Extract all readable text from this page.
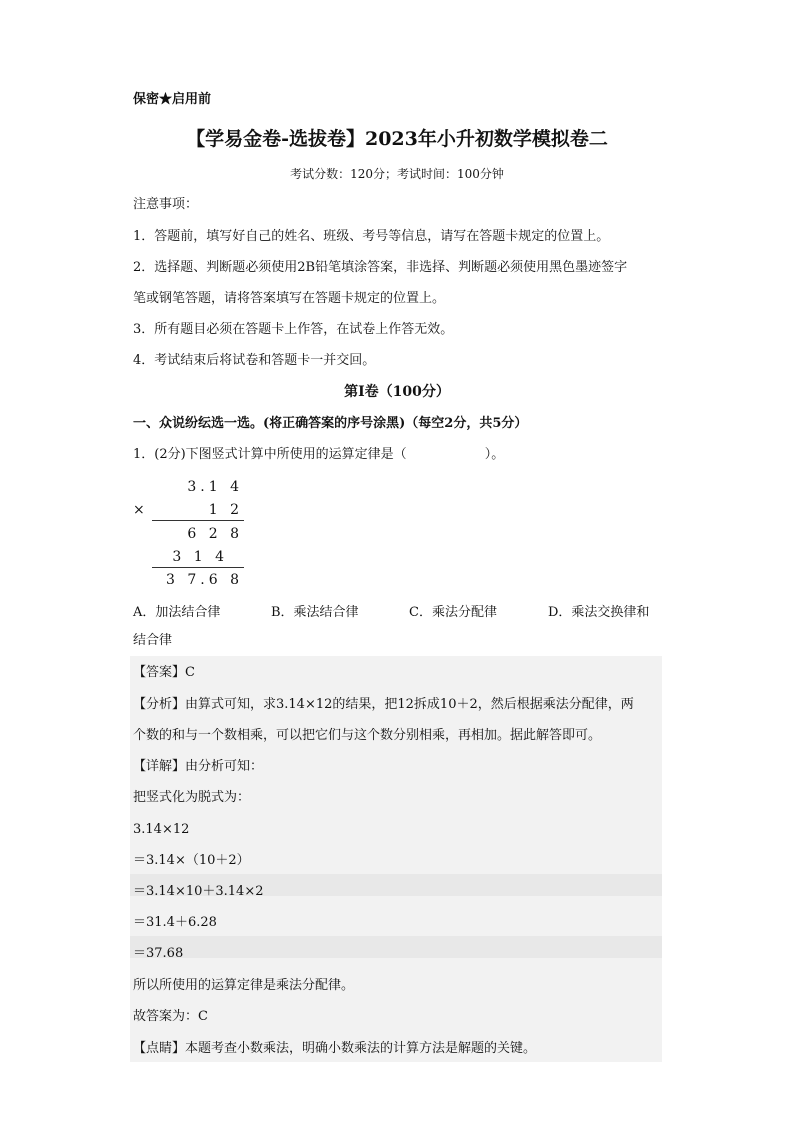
保密★启用前
【学易金卷-选拔卷】2023年小升初数学模拟卷二
考试分数：120分；考试时间：100分钟
注意事项：
1．答题前，填写好自己的姓名、班级、考号等信息，请写在答题卡规定的位置上。
2．选择题、判断题必须使用2B铅笔填涂答案，非选择、判断题必须使用黑色墨迹签字
笔或钢笔答题，请将答案填写在答题卡规定的位置上。
3．所有题目必须在答题卡上作答，在试卷上作答无效。
4．考试结束后将试卷和答题卡一并交回。
第I卷（100分）
一、众说纷纭选一选。(将正确答案的序号涂黑)（每空2分，共5分）
1．(2分)下图竖式计算中所使用的运算定律是（	）。
3.1 4
×	1 2
6 2 8
3 1 4
3 7.6 8
A．加法结合律	B．乘法结合律	C．乘法分配律	D．乘法交换律和
结合律
【答案】C
【分析】由算式可知，求3.14×12的结果，把12拆成10＋2，然后根据乘法分配律，两
个数的和与一个数相乘，可以把它们与这个数分别相乘，再相加。据此解答即可。
【详解】由分析可知：
把竖式化为脱式为：
3.14×12
＝3.14×（10＋2）
＝3.14×10＋3.14×2
＝31.4＋6.28
＝37.68
所以所使用的运算定律是乘法分配律。
故答案为：C
【点睛】本题考查小数乘法，明确小数乘法的计算方法是解题的关键。
